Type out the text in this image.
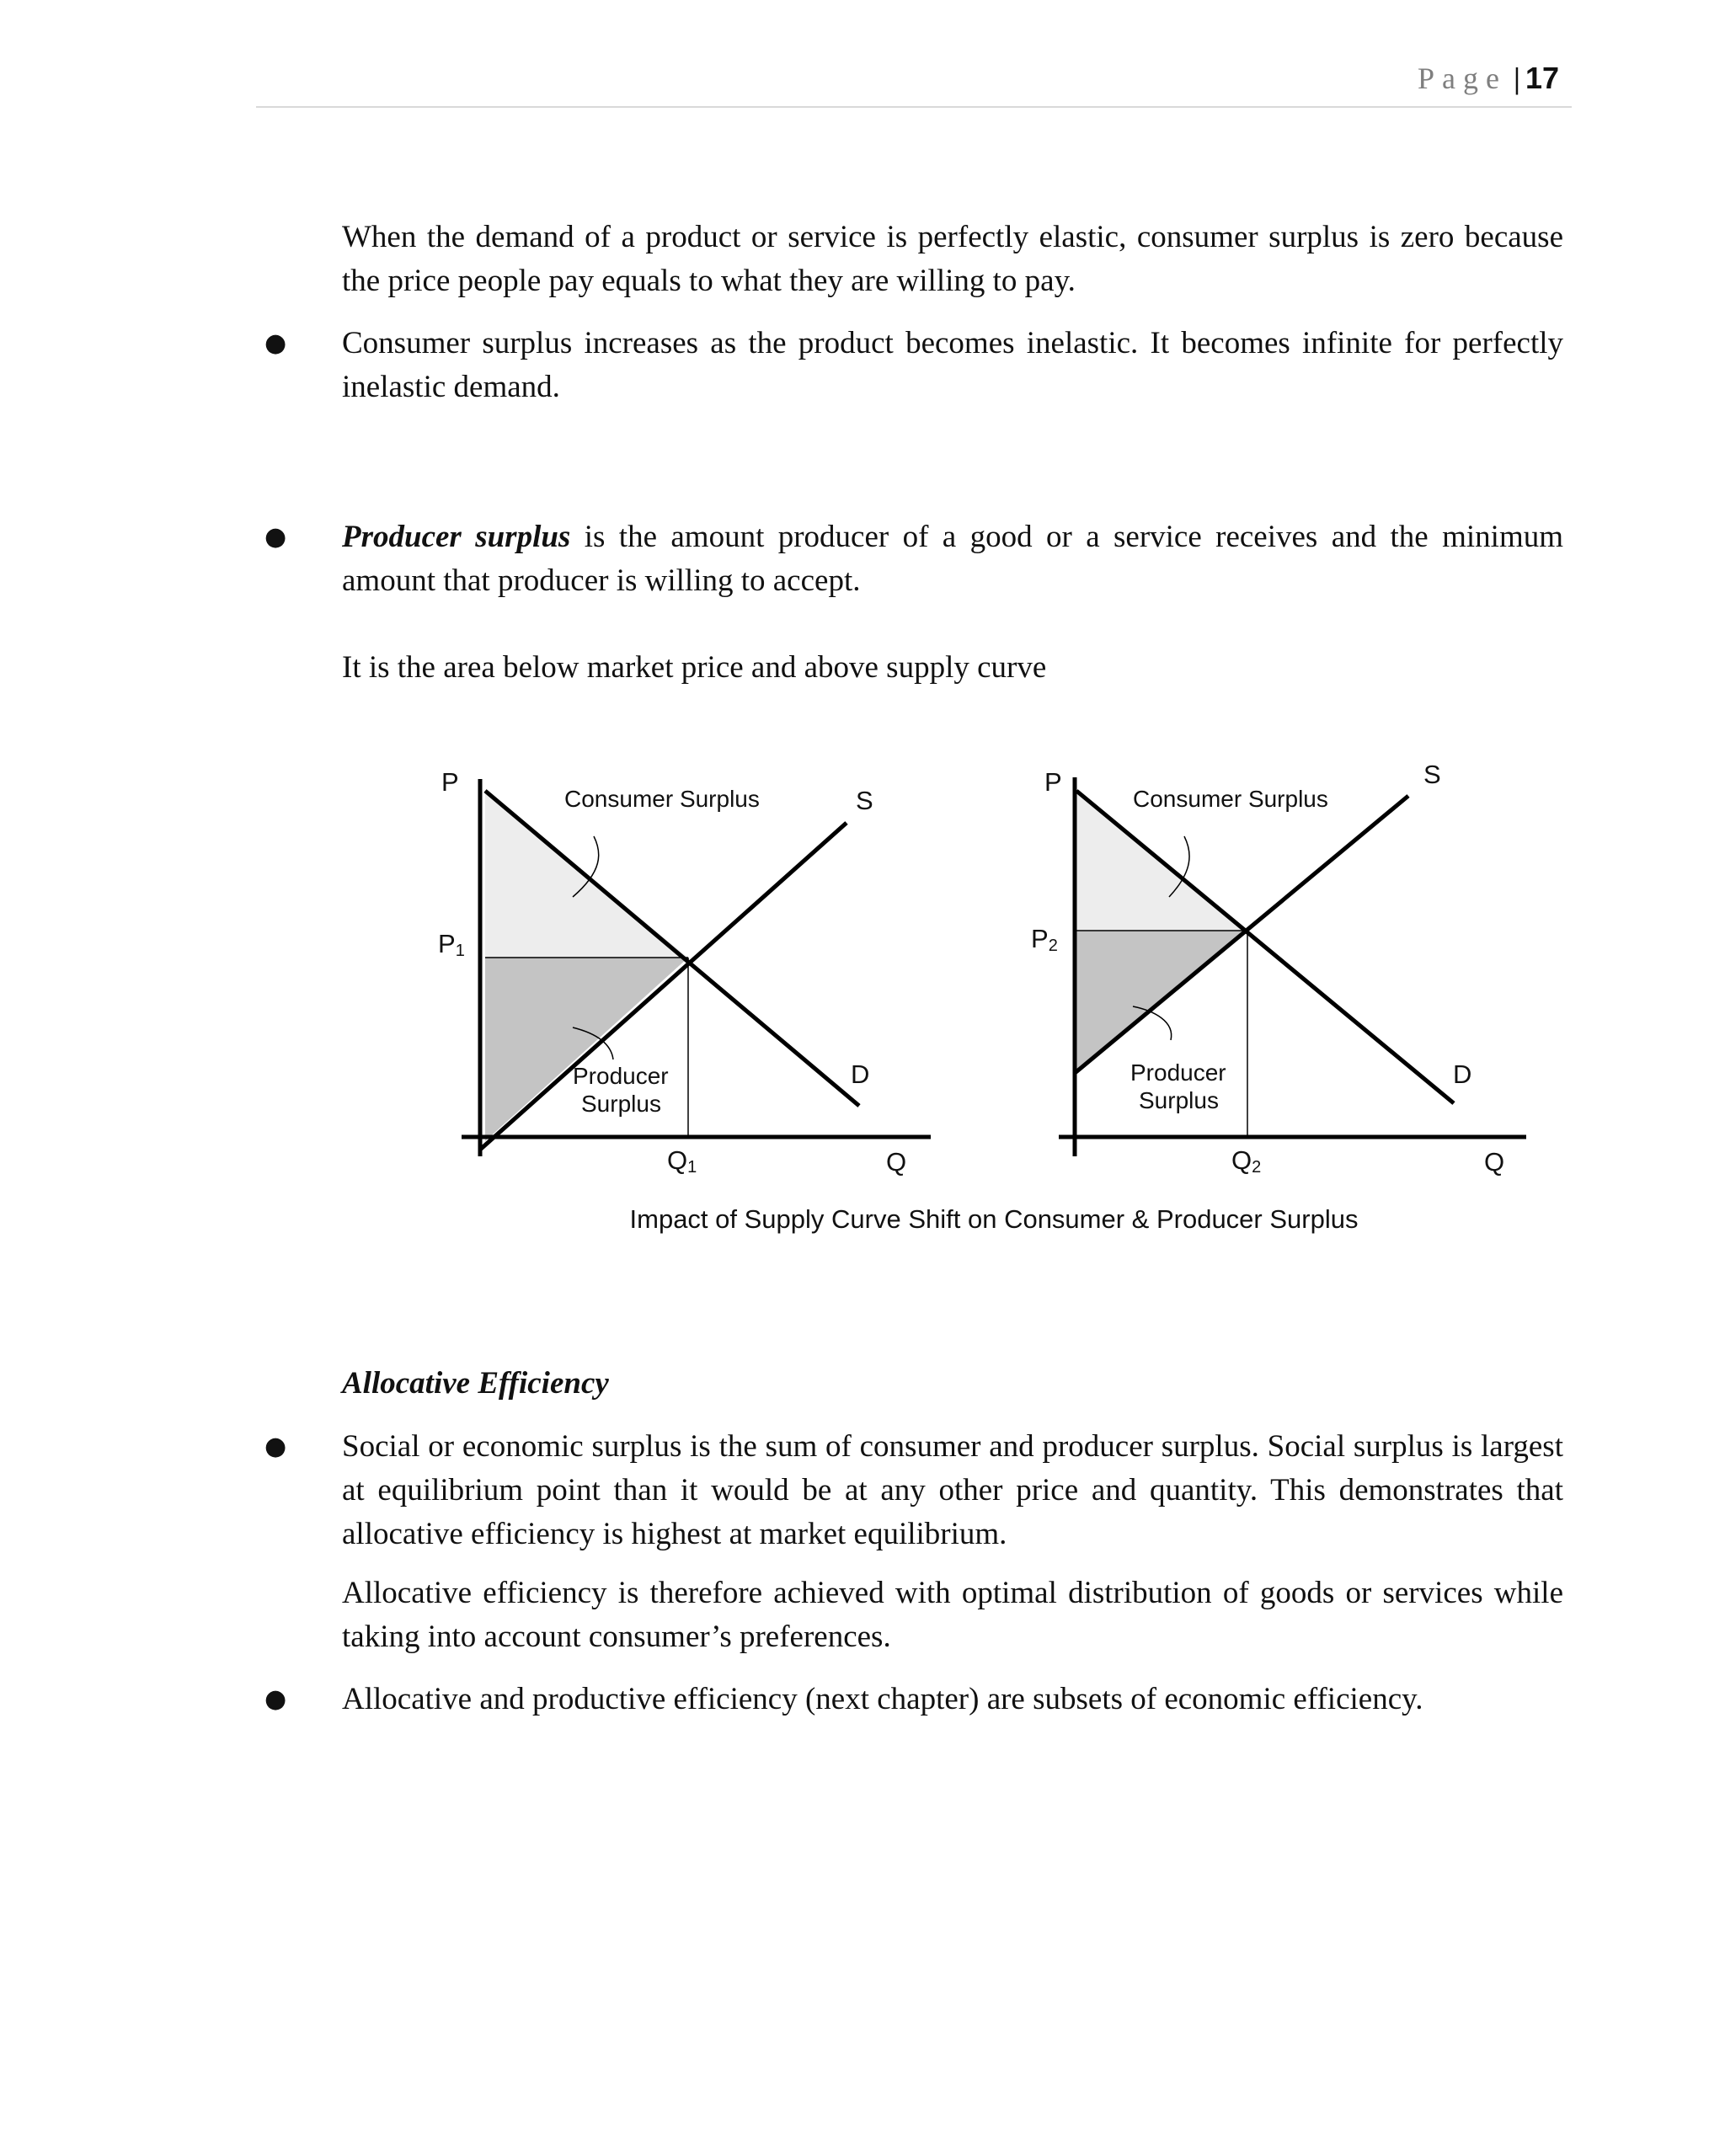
Page | 17
When the demand of a product or service is perfectly elastic, consumer surplus is zero because the price people pay equals to what they are willing to pay.
● Consumer surplus increases as the product becomes inelastic. It becomes infinite for perfectly inelastic demand.
● Producer surplus is the amount producer of a good or a service receives and the minimum amount that producer is willing to accept.
It is the area below market price and above supply curve
P
P1
Consumer Surplus	S
D
Producer
Surplus
Q1	Q
P
P2
Consumer Surplus
S
D
Producer
Surplus
Q2	Q
Impact of Supply Curve Shift on Consumer & Producer Surplus
Allocative Efficiency
● Social or economic surplus is the sum of consumer and producer surplus. Social surplus is largest at equilibrium point than it would be at any other price and quantity. This demonstrates that allocative efficiency is highest at market equilibrium.
Allocative efficiency is therefore achieved with optimal distribution of goods or services while taking into account consumer’s preferences.
● Allocative and productive efficiency (next chapter) are subsets of economic efficiency.
